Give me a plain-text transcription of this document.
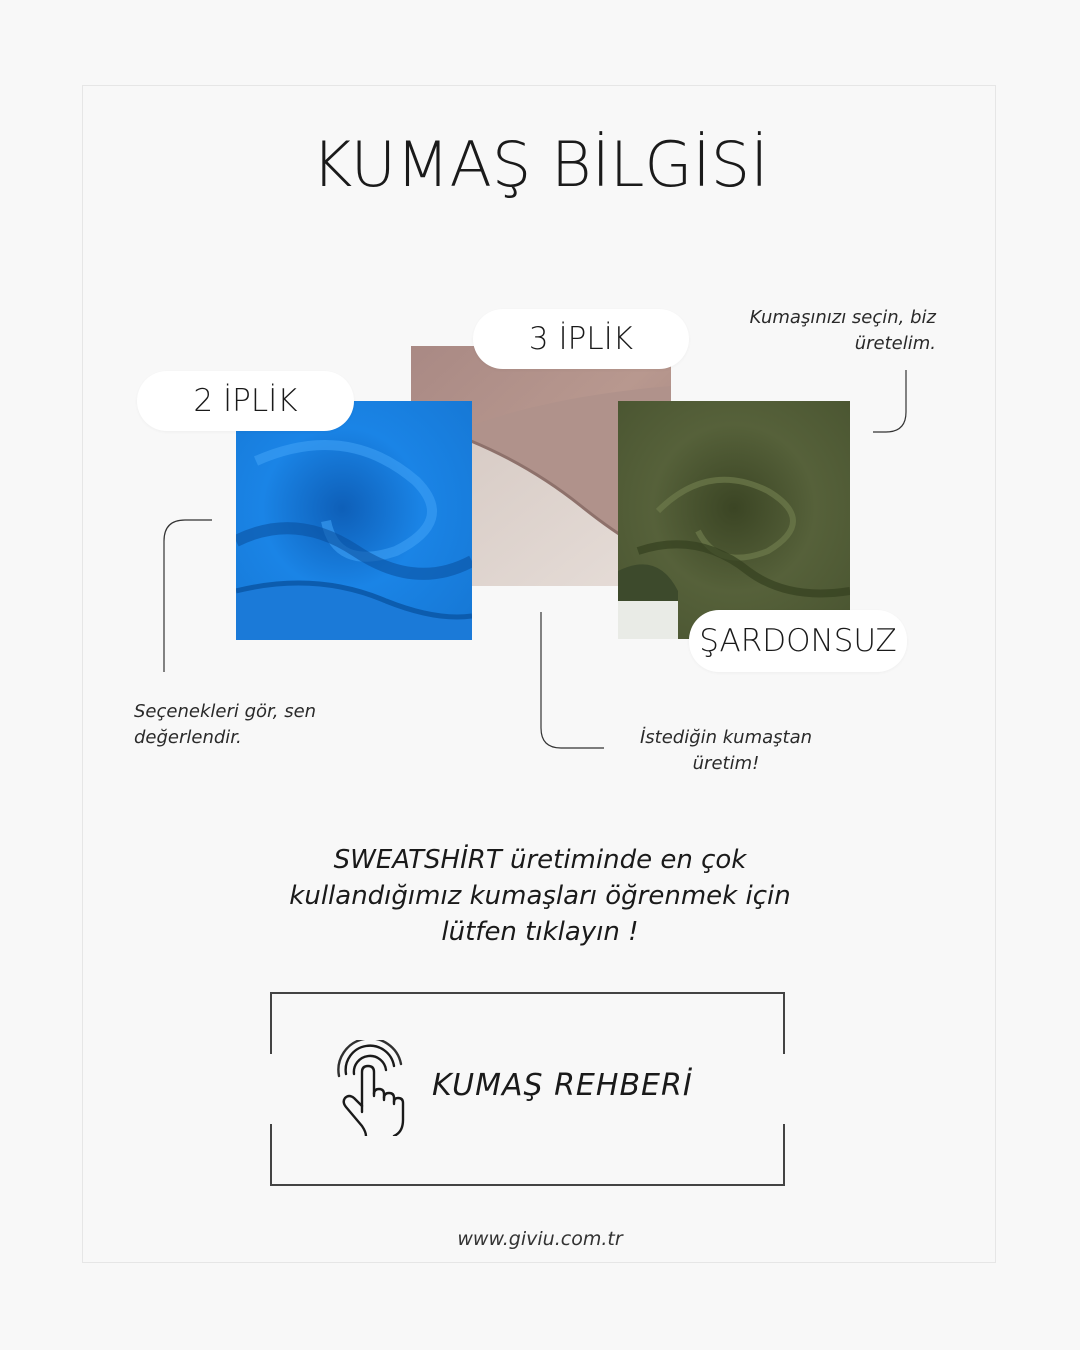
KUMAŞ BİLGİSİ
2 İPLİK
3 İPLİK
ŞARDONSUZ

Kumaşınızı seçin, biz üretelim.

Seçenekleri gör, sen değerlendir.	İstediğin kumaştan üretim!

SWEATSHİRT üretiminde en çok
kullandığımız kumaşları öğrenmek için
lütfen tıklayın !

KUMAŞ REHBERİ
www.giviu.com.tr
